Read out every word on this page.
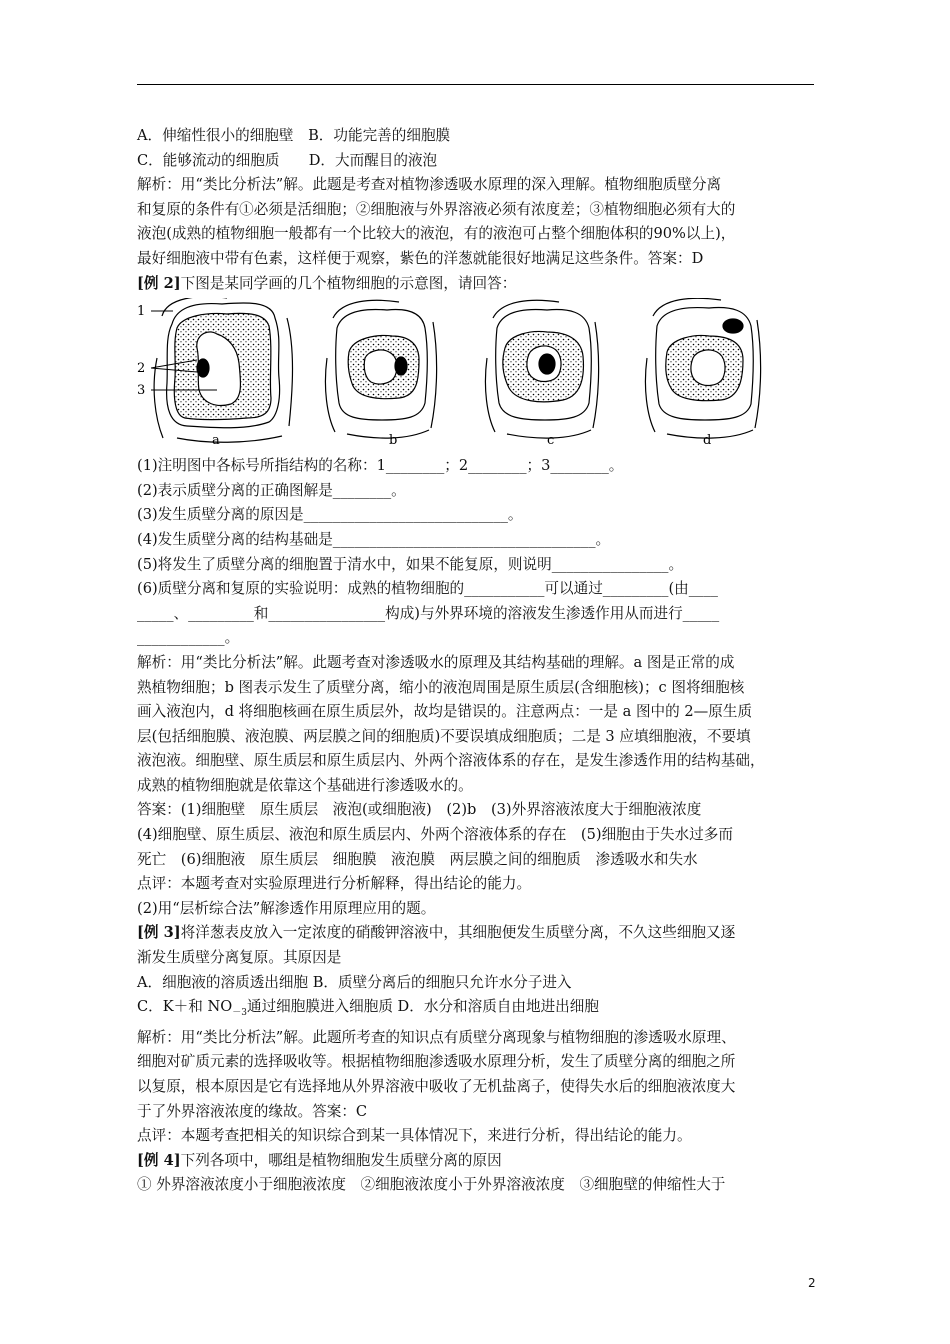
A．伸缩性很小的细胞壁　B．功能完善的细胞膜
C．能够流动的细胞质　　D．大而醒目的液泡
解析：用“类比分析法”解。此题是考查对植物渗透吸水原理的深入理解。植物细胞质壁分离
和复原的条件有①必须是活细胞；②细胞液与外界溶液必须有浓度差；③植物细胞必须有大的
液泡(成熟的植物细胞一般都有一个比较大的液泡，有的液泡可占整个细胞体积的90%以上)，
最好细胞液中带有色素，这样便于观察，紫色的洋葱就能很好地满足这些条件。答案：D
[例 2]下图是某同学画的几个植物细胞的示意图，请回答：
1
2
3
a	b	c	d
(1)注明图中各标号所指结构的名称：1________；2________；3________。
(2)表示质壁分离的正确图解是________。
(3)发生质壁分离的原因是____________________________。
(4)发生质壁分离的结构基础是____________________________________。
(5)将发生了质壁分离的细胞置于清水中，如果不能复原，则说明________________。
(6)质壁分离和复原的实验说明：成熟的植物细胞的___________可以通过_________(由____
_____、_________和________________构成)与外界环境的溶液发生渗透作用从而进行_____
____________。
解析：用“类比分析法”解。此题考查对渗透吸水的原理及其结构基础的理解。a 图是正常的成
熟植物细胞；b 图表示发生了质壁分离，缩小的液泡周围是原生质层(含细胞核)；c 图将细胞核
画入液泡内，d 将细胞核画在原生质层外，故均是错误的。注意两点：一是 a 图中的 2—原生质
层(包括细胞膜、液泡膜、两层膜之间的细胞质)不要误填成细胞质；二是 3 应填细胞液，不要填
液泡液。细胞壁、原生质层和原生质层内、外两个溶液体系的存在，是发生渗透作用的结构基础，
成熟的植物细胞就是依靠这个基础进行渗透吸水的。
答案：(1)细胞壁　原生质层　液泡(或细胞液)　(2)b　(3)外界溶液浓度大于细胞液浓度
(4)细胞壁、原生质层、液泡和原生质层内、外两个溶液体系的存在　(5)细胞由于失水过多而
死亡　(6)细胞液　原生质层　细胞膜　液泡膜　两层膜之间的细胞质　渗透吸水和失水
点评：本题考查对实验原理进行分析解释，得出结论的能力。
(2)用“层析综合法”解渗透作用原理应用的题。
[例 3]将洋葱表皮放入一定浓度的硝酸钾溶液中，其细胞便发生质壁分离，不久这些细胞又逐
渐发生质壁分离复原。其原因是
A．细胞液的溶质透出细胞 B．质壁分离后的细胞只允许水分子进入
C．K＋和 $NO_{-3}$通过细胞膜进入细胞质 D．水分和溶质自由地进出细胞
解析：用“类比分析法”解。此题所考查的知识点有质壁分离现象与植物细胞的渗透吸水原理、
细胞对矿质元素的选择吸收等。根据植物细胞渗透吸水原理分析，发生了质壁分离的细胞之所
以复原，根本原因是它有选择地从外界溶液中吸收了无机盐离子，使得失水后的细胞液浓度大
于了外界溶液浓度的缘故。答案：C
点评：本题考查把相关的知识综合到某一具体情况下，来进行分析，得出结论的能力。
[例 4]下列各项中，哪组是植物细胞发生质壁分离的原因
① 外界溶液浓度小于细胞液浓度　②细胞液浓度小于外界溶液浓度　③细胞壁的伸缩性大于
2
